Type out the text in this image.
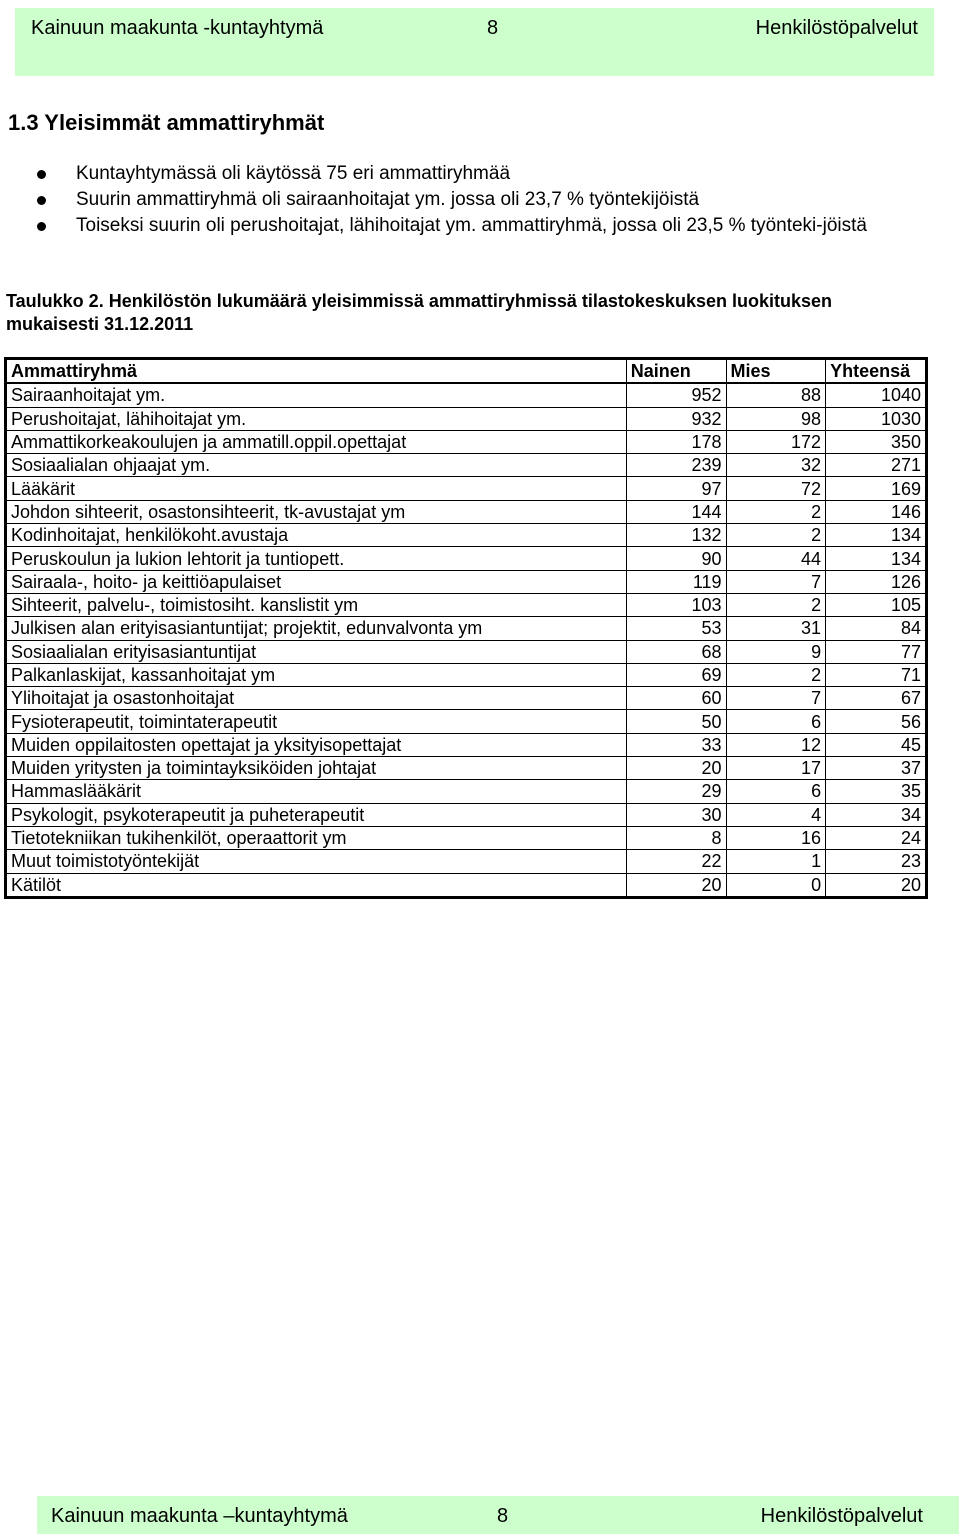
Kainuun maakunta -kuntayhtymä	8	Henkilöstöpalvelut
1.3 Yleisimmät ammattiryhmät
Kuntayhtymässä oli käytössä 75 eri ammattiryhmää
Suurin ammattiryhmä oli sairaanhoitajat ym. jossa oli 23,7 % työntekijöistä
Toiseksi suurin oli perushoitajat, lähihoitajat ym. ammattiryhmä, jossa oli 23,5 % työnteki-jöistä

Taulukko 2. Henkilöstön lukumäärä yleisimmissä ammattiryhmissä tilastokeskuksen luokituksen mukaisesti 31.12.2011

Ammattiryhmä	Nainen	Mies	Yhteensä
Sairaanhoitajat ym.	952	88	1040
Perushoitajat, lähihoitajat ym.	932	98	1030
Ammattikorkeakoulujen ja ammatill.oppil.opettajat	178	172	350
Sosiaalialan ohjaajat ym.	239	32	271
Lääkärit	97	72	169
Johdon sihteerit, osastonsihteerit, tk-avustajat ym	144	2	146
Kodinhoitajat, henkilökoht.avustaja	132	2	134
Peruskoulun ja lukion lehtorit ja tuntiopett.	90	44	134
Sairaala-, hoito- ja keittiöapulaiset	119	7	126
Sihteerit, palvelu-, toimistosiht. kanslistit ym	103	2	105
Julkisen alan erityisasiantuntijat; projektit, edunvalvonta ym	53	31	84
Sosiaalialan erityisasiantuntijat	68	9	77
Palkanlaskijat, kassanhoitajat ym	69	2	71
Ylihoitajat ja osastonhoitajat	60	7	67
Fysioterapeutit, toimintaterapeutit	50	6	56
Muiden oppilaitosten opettajat ja yksityisopettajat	33	12	45
Muiden yritysten ja toimintayksiköiden johtajat	20	17	37
Hammaslääkärit	29	6	35
Psykologit, psykoterapeutit ja puheterapeutit	30	4	34
Tietotekniikan tukihenkilöt, operaattorit ym	8	16	24
Muut toimistotyöntekijät	22	1	23
Kätilöt	20	0	20
Kainuun maakunta –kuntayhtymä	8	Henkilöstöpalvelut
